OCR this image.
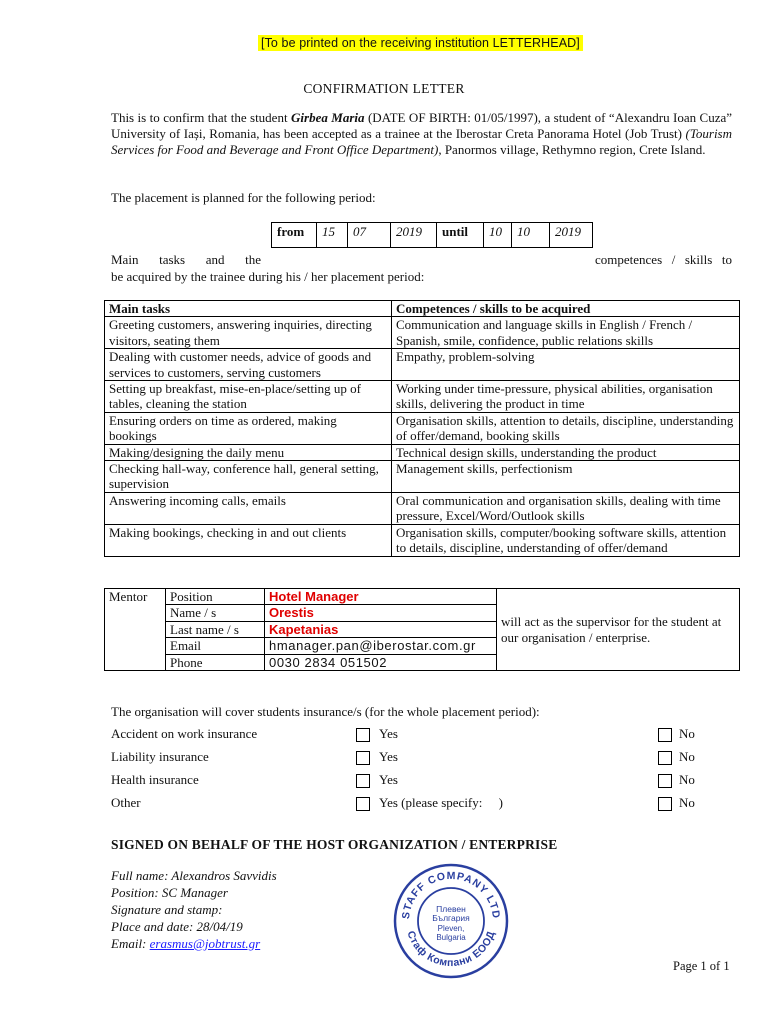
[To be printed on the receiving institution LETTERHEAD]
CONFIRMATION LETTER
This is to confirm that the student Girbea Maria (DATE OF BIRTH: 01/05/1997), a student of “Alexandru Ioan Cuza” University of Iași, Romania, has been accepted as a trainee at the Iberostar Creta Panorama Hotel (Job Trust) (Tourism Services for Food and Beverage and Front Office Department), Panormos village, Rethymno region, Crete Island.
The placement is planned for the following period:
from	15	07	2019	until	10	10	2019
Main tasks and the	competences / skills to
be acquired by the trainee during his / her placement period:
Main tasks	Competences / skills to be acquired
Greeting customers, answering inquiries, directing visitors, seating them	Communication and language skills in English / French / Spanish, smile, confidence, public relations skills
Dealing with customer needs, advice of goods and services to customers, serving customers	Empathy, problem-solving
Setting up breakfast, mise-en-place/setting up of tables, cleaning the station	Working under time-pressure, physical abilities, organisation skills, delivering the product in time
Ensuring orders on time as ordered, making bookings	Organisation skills, attention to details, discipline, understanding of offer/demand, booking skills
Making/designing the daily menu	Technical design skills, understanding the product
Checking hall-way, conference hall, general setting, supervision	Management skills, perfectionism
Answering incoming calls, emails	Oral communication and organisation skills, dealing with time pressure, Excel/Word/Outlook skills
Making bookings, checking in and out clients	Organisation skills, computer/booking software skills, attention to details, discipline, understanding of offer/demand
Mentor	Position	Hotel Manager	will act as the supervisor for the student at our organisation / enterprise.
	Name / s	Orestis	
	Last name / s	Kapetanias	
	Email	hmanager.pan@iberostar.com.gr	
	Phone	0030 2834 051502	
The organisation will cover students insurance/s (for the whole placement period):
Accident on work insurance	Yes	No
Liability insurance	Yes	No
Health insurance	Yes	No
Other	Yes (please specify:     )	No
SIGNED ON BEHALF OF THE HOST ORGANIZATION / ENTERPRISE
Full name: Alexandros Savvidis
Position: SC Manager
Signature and stamp:
Place and date: 28/04/19
Email: erasmus@jobtrust.gr
STAFF COMPANY LTD
Стаф Компани ЕООД
Плевен
България
Pleven,
Bulgaria
Page 1 of 1
